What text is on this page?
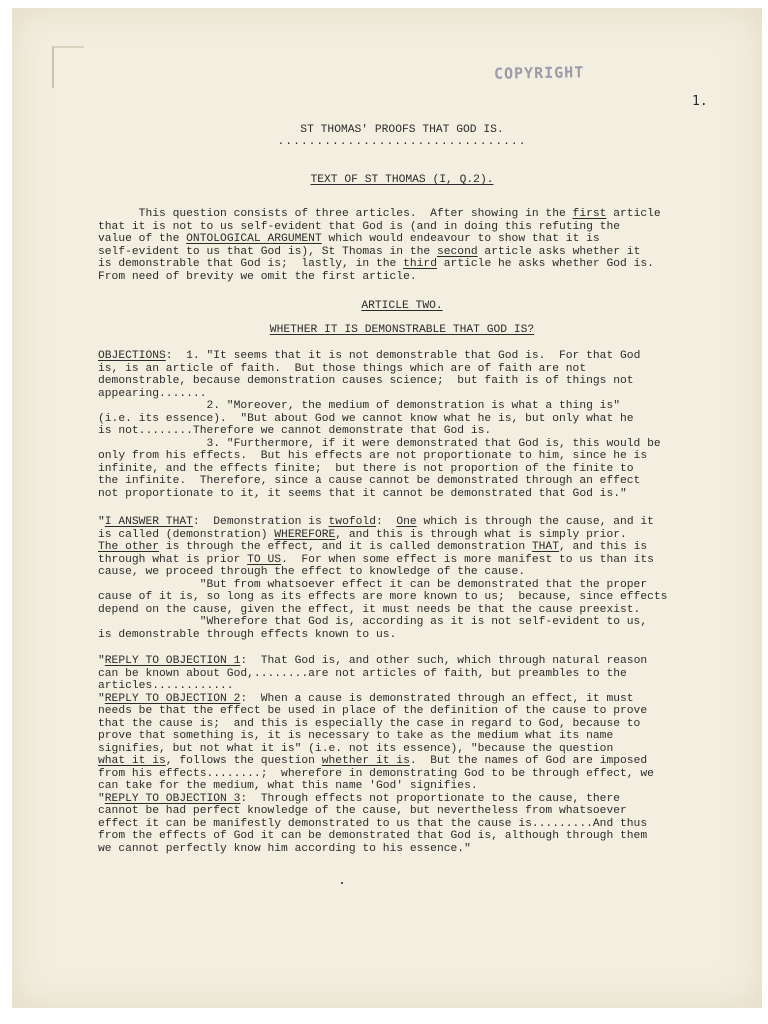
COPYRIGHT
1.
ST THOMAS' PROOFS THAT GOD IS.
................................
TEXT OF ST THOMAS (I, Q.2).
This question consists of three articles.  After showing in the first article
that it is not to us self-evident that God is (and in doing this refuting the
value of the ONTOLOGICAL ARGUMENT which would endeavour to show that it is
self-evident to us that God is), St Thomas in the second article asks whether it
is demonstrable that God is;  lastly, in the third article he asks whether God is.
From need of brevity we omit the first article.
ARTICLE TWO.
WHETHER IT IS DEMONSTRABLE THAT GOD IS?
OBJECTIONS:  1. "It seems that it is not demonstrable that God is.  For that God
is, is an article of faith.  But those things which are of faith are not
demonstrable, because demonstration causes science;  but faith is of things not
appearing.......
2. "Moreover, the medium of demonstration is what a thing is"
(i.e. its essence).  "But about God we cannot know what he is, but only what he
is not........Therefore we cannot demonstrate that God is.
3. "Furthermore, if it were demonstrated that God is, this would be
only from his effects.  But his effects are not proportionate to him, since he is
infinite, and the effects finite;  but there is not proportion of the finite to
the infinite.  Therefore, since a cause cannot be demonstrated through an effect
not proportionate to it, it seems that it cannot be demonstrated that God is."
"I ANSWER THAT:  Demonstration is twofold:  One which is through the cause, and it
is called (demonstration) WHEREFORE, and this is through what is simply prior.
The other is through the effect, and it is called demonstration THAT, and this is
through what is prior TO US.  For when some effect is more manifest to us than its
cause, we proceed through the effect to knowledge of the cause.
"But from whatsoever effect it can be demonstrated that the proper
cause of it is, so long as its effects are more known to us;  because, since effects
depend on the cause, given the effect, it must needs be that the cause preexist.
"Wherefore that God is, according as it is not self-evident to us,
is demonstrable through effects known to us.
"REPLY TO OBJECTION 1:  That God is, and other such, which through natural reason
can be known about God,........are not articles of faith, but preambles to the
articles............
"REPLY TO OBJECTION 2:  When a cause is demonstrated through an effect, it must
needs be that the effect be used in place of the definition of the cause to prove
that the cause is;  and this is especially the case in regard to God, because to
prove that something is, it is necessary to take as the medium what its name
signifies, but not what it is" (i.e. not its essence), "because the question
what it is, follows the question whether it is.  But the names of God are imposed
from his effects........;  wherefore in demonstrating God to be through effect, we
can take for the medium, what this name 'God' signifies.
"REPLY TO OBJECTION 3:  Through effects not proportionate to the cause, there
cannot be had perfect knowledge of the cause, but nevertheless from whatsoever
effect it can be manifestly demonstrated to us that the cause is.........And thus
from the effects of God it can be demonstrated that God is, although through them
we cannot perfectly know him according to his essence."
·
